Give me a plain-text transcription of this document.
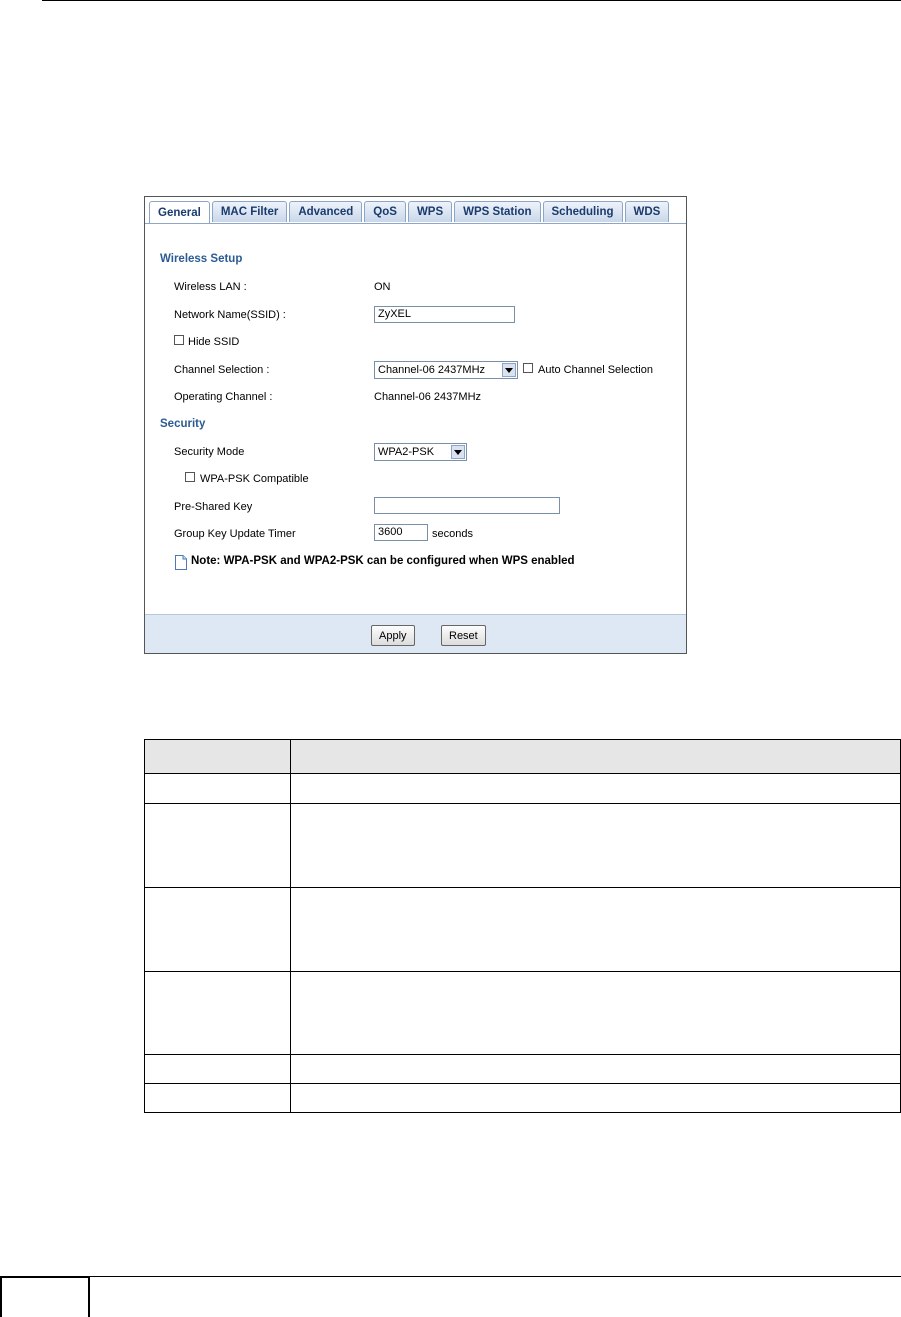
General	MAC Filter	Advanced	QoS	WPS	WPS Station	Scheduling	WDS
Wireless Setup
Wireless LAN :	ON
Network Name(SSID) :	ZyXEL
Hide SSID
Channel Selection :	Channel-06 2437MHz	Auto Channel Selection
Operating Channel :	Channel-06 2437MHz
Security
Security Mode	WPA2-PSK
WPA-PSK Compatible
Pre-Shared Key
Group Key Update Timer	3600	seconds
Note: WPA-PSK and WPA2-PSK can be configured when WPS enabled
Apply	Reset
